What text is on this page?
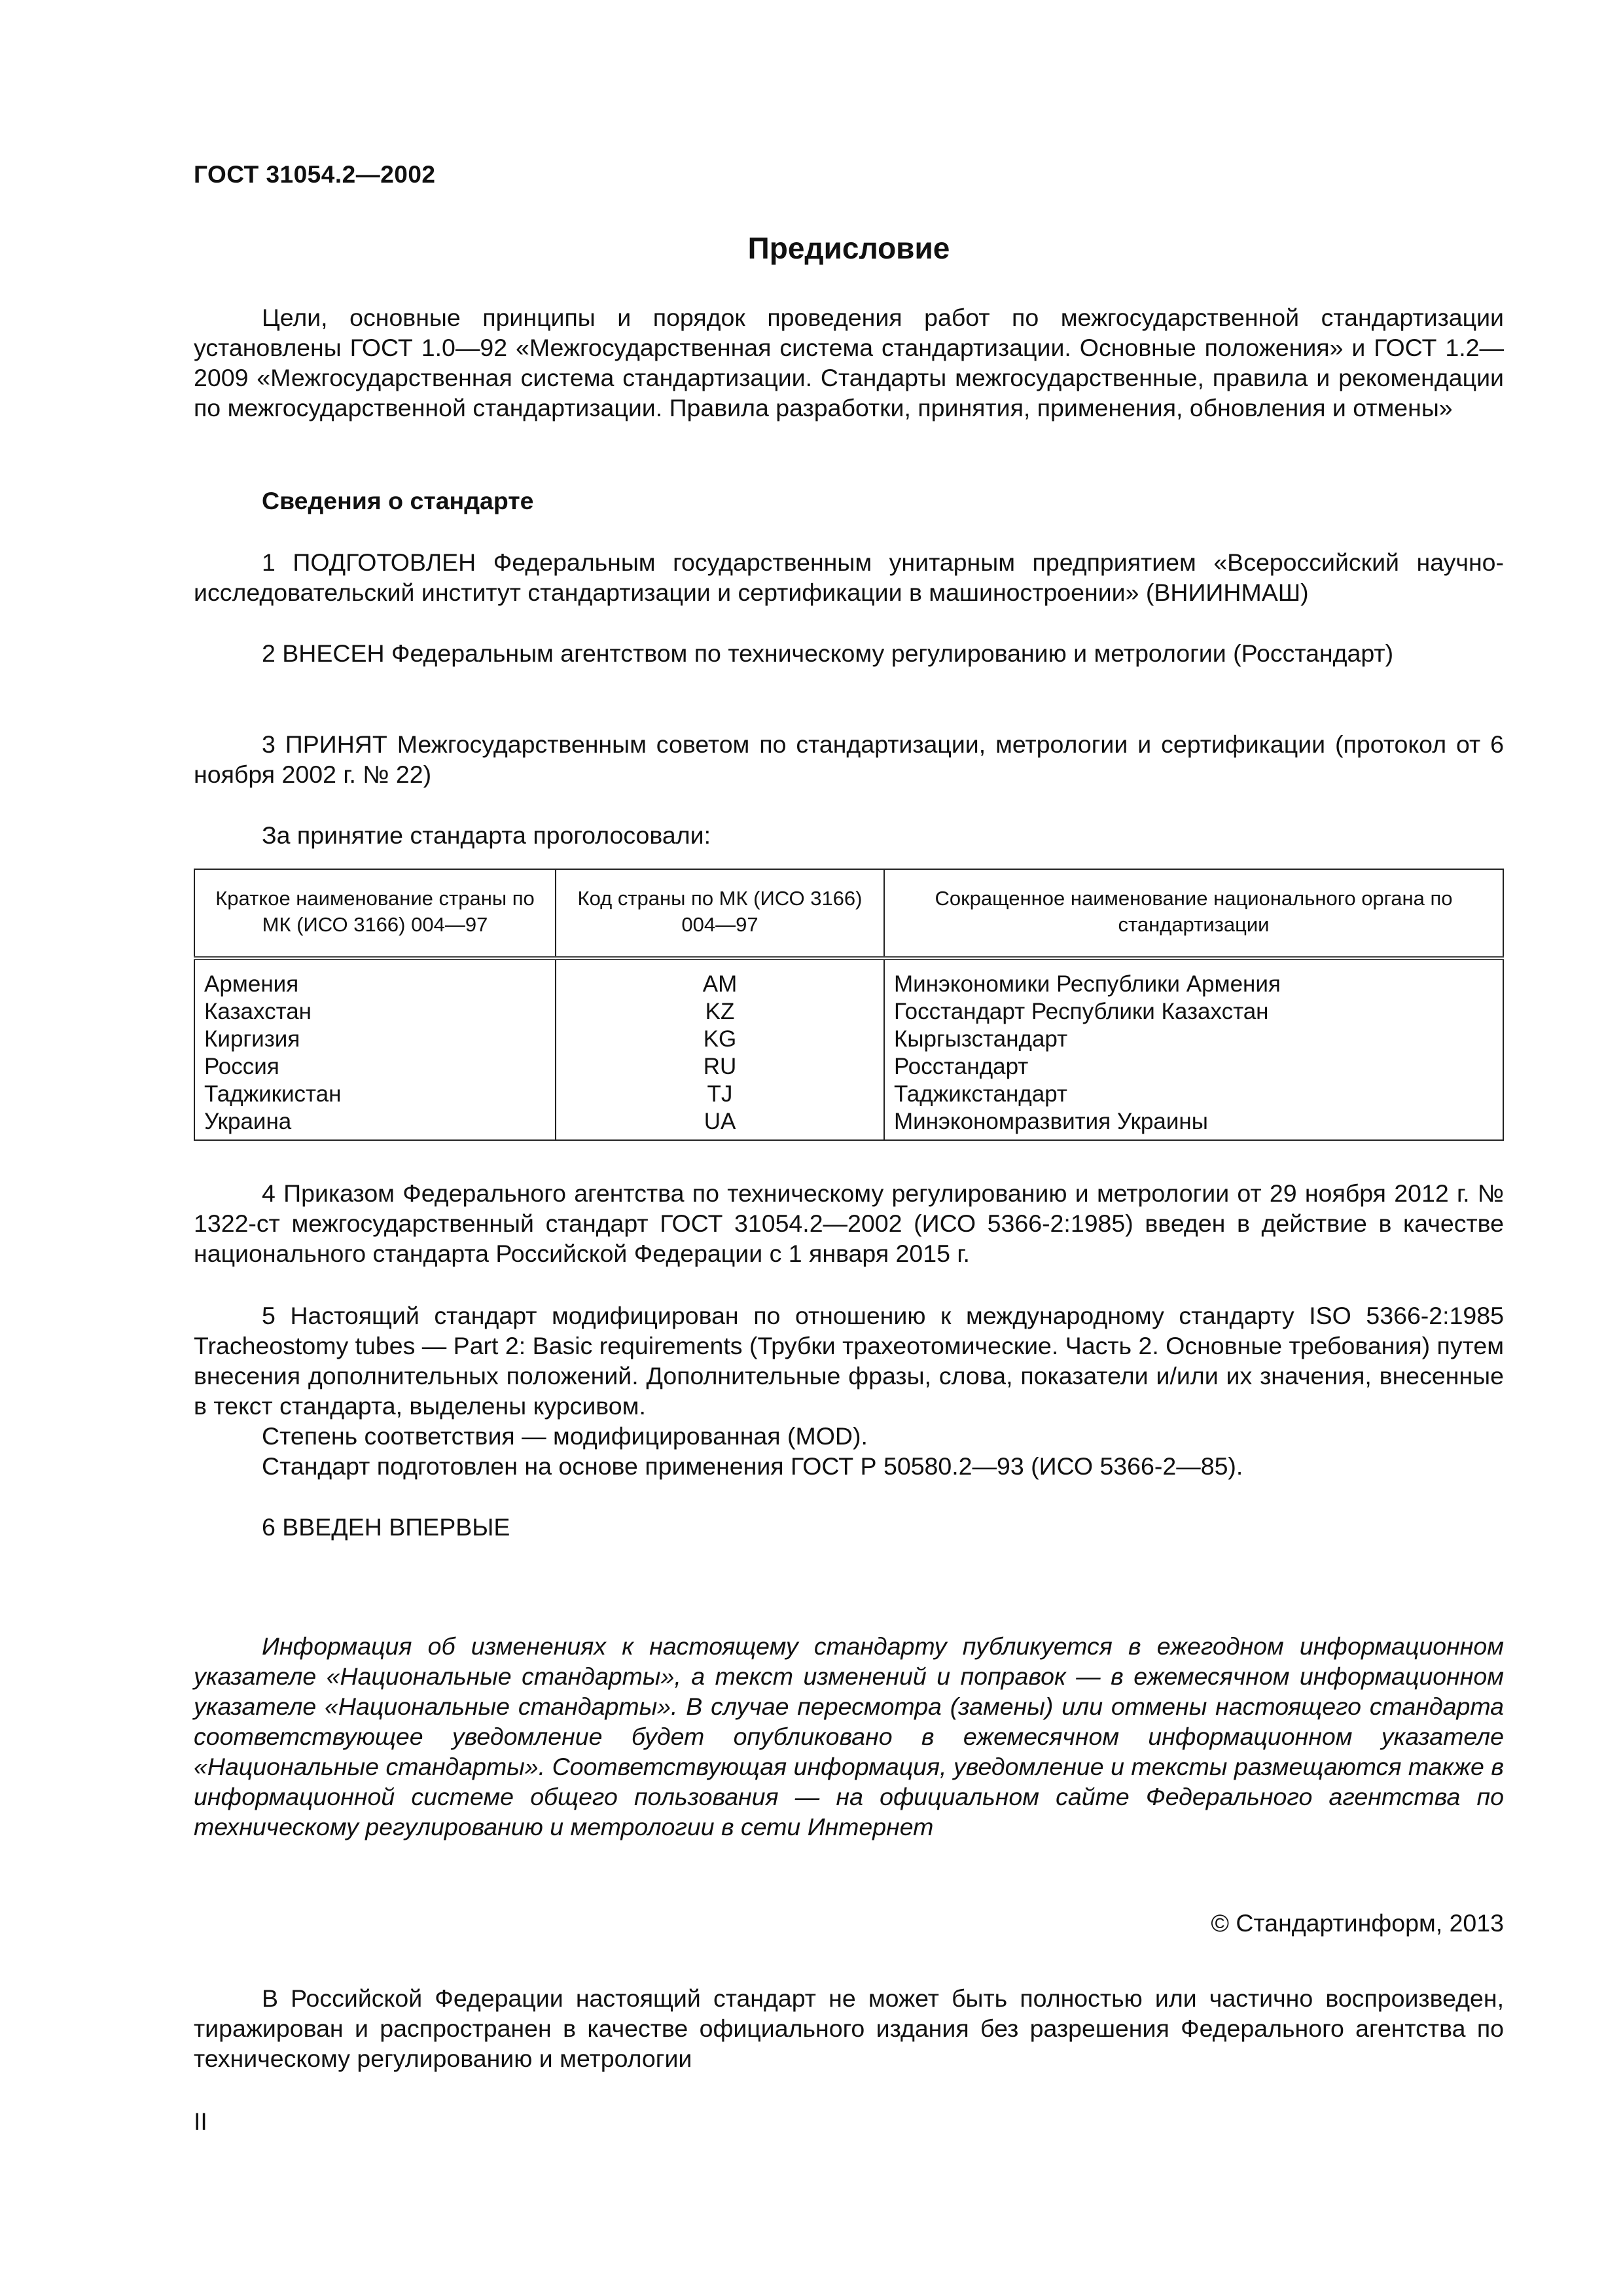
ГОСТ 31054.2—2002
Предисловие

Цели, основные принципы и порядок проведения работ по межгосударственной стандартизации установлены ГОСТ 1.0—92 «Межгосударственная система стандартизации. Основные положения» и ГОСТ 1.2—2009 «Межгосударственная система стандартизации. Стандарты межгосударственные, правила и рекомендации по межгосударственной стандартизации. Правила разработки, принятия, применения, обновления и отмены»

Сведения о стандарте

1 ПОДГОТОВЛЕН Федеральным государственным унитарным предприятием «Всероссийский научно-исследовательский институт стандартизации и сертификации в машиностроении» (ВНИИНМАШ)

2 ВНЕСЕН Федеральным агентством по техническому регулированию и метрологии (Росстандарт)

3 ПРИНЯТ Межгосударственным советом по стандартизации, метрологии и сертификации (протокол от 6 ноября 2002 г. № 22)

За принятие стандарта проголосовали:

Краткое наименование страны по МК (ИСО 3166) 004—97	Код страны по МК (ИСО 3166) 004—97	Сокращенное наименование национального органа по стандартизации
Армения	AM	Минэкономики Республики Армения
Казахстан	KZ	Госстандарт Республики Казахстан
Киргизия	KG	Кыргызстандарт
Россия	RU	Росстандарт
Таджикистан	TJ	Таджикстандарт
Украина	UA	Минэкономразвития Украины

4 Приказом Федерального агентства по техническому регулированию и метрологии от 29 ноября 2012 г. № 1322-ст межгосударственный стандарт ГОСТ 31054.2—2002 (ИСО 5366-2:1985) введен в действие в качестве национального стандарта Российской Федерации с 1 января 2015 г.

5 Настоящий стандарт модифицирован по отношению к международному стандарту ISO 5366-2:1985 Tracheostomy tubes — Part 2: Basic requirements (Трубки трахеотомические. Часть 2. Основные требования) путем внесения дополнительных положений. Дополнительные фразы, слова, показатели и/или их значения, внесенные в текст стандарта, выделены курсивом.

Степень соответствия — модифицированная (MOD).

Стандарт подготовлен на основе применения ГОСТ Р 50580.2—93 (ИСО 5366-2—85).

6 ВВЕДЕН ВПЕРВЫЕ

Информация об изменениях к настоящему стандарту публикуется в ежегодном информационном указателе «Национальные стандарты», а текст изменений и поправок — в ежемесячном информационном указателе «Национальные стандарты». В случае пересмотра (замены) или отмены настоящего стандарта соответствующее уведомление будет опубликовано в ежемесячном информационном указателе «Национальные стандарты». Соответствующая информация, уведомление и тексты размещаются также в информационной системе общего пользования — на официальном сайте Федерального агентства по техническому регулированию и метрологии в сети Интернет

© Стандартинформ, 2013

В Российской Федерации настоящий стандарт не может быть полностью или частично воспроизведен, тиражирован и распространен в качестве официального издания без разрешения Федерального агентства по техническому регулированию и метрологии

II
